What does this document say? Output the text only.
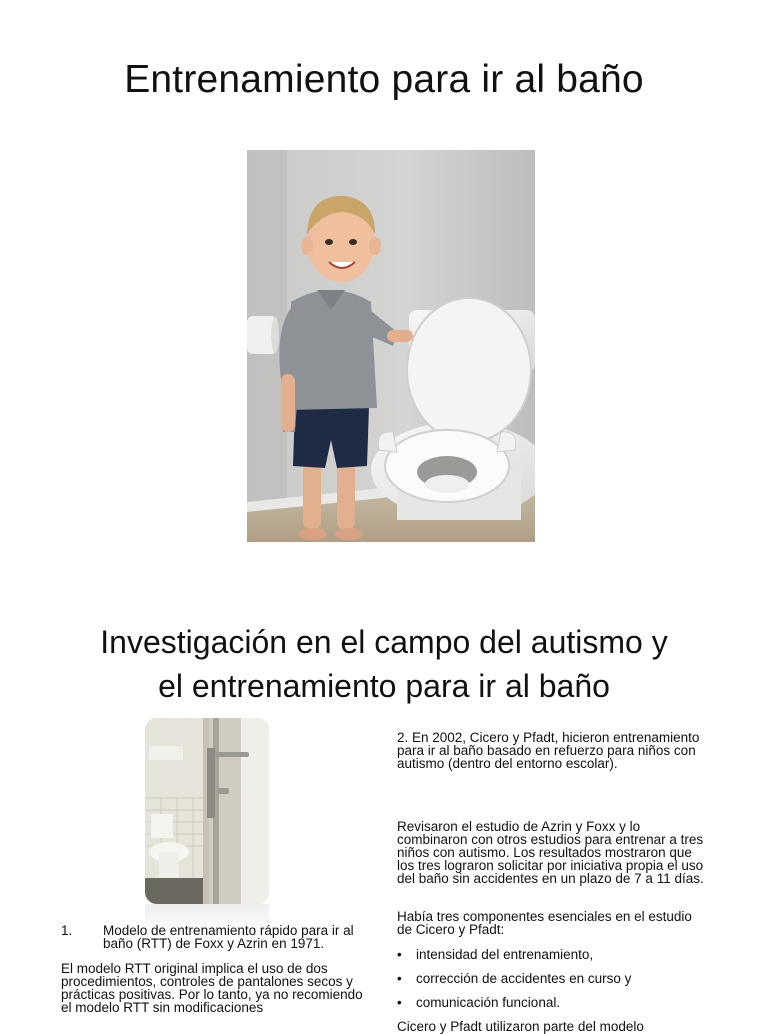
Entrenamiento para ir al baño
Investigación en el campo del autismo y
el entrenamiento para ir al baño
1. Modelo de entrenamiento rápido para ir al baño (RTT) de Foxx y Azrin en 1971.
El modelo RTT original implica el uso de dos procedimientos, controles de pantalones secos y prácticas positivas. Por lo tanto, ya no recomiendo el modelo RTT sin modificaciones
2. En 2002, Cicero y Pfadt, hicieron entrenamiento para ir al baño basado en refuerzo para niños con autismo (dentro del entorno escolar).
Revisaron el estudio de Azrin y Foxx y lo combinaron con otros estudios para entrenar a tres niños con autismo. Los resultados mostraron que los tres lograron solicitar por iniciativa propia el uso del baño sin accidentes en un plazo de 7 a 11 días.
Había tres componentes esenciales en el estudio de Cicero y Pfadt:
• intensidad del entrenamiento,
• corrección de accidentes en curso y
• comunicación funcional.
Cicero y Pfadt utilizaron parte del modelo
